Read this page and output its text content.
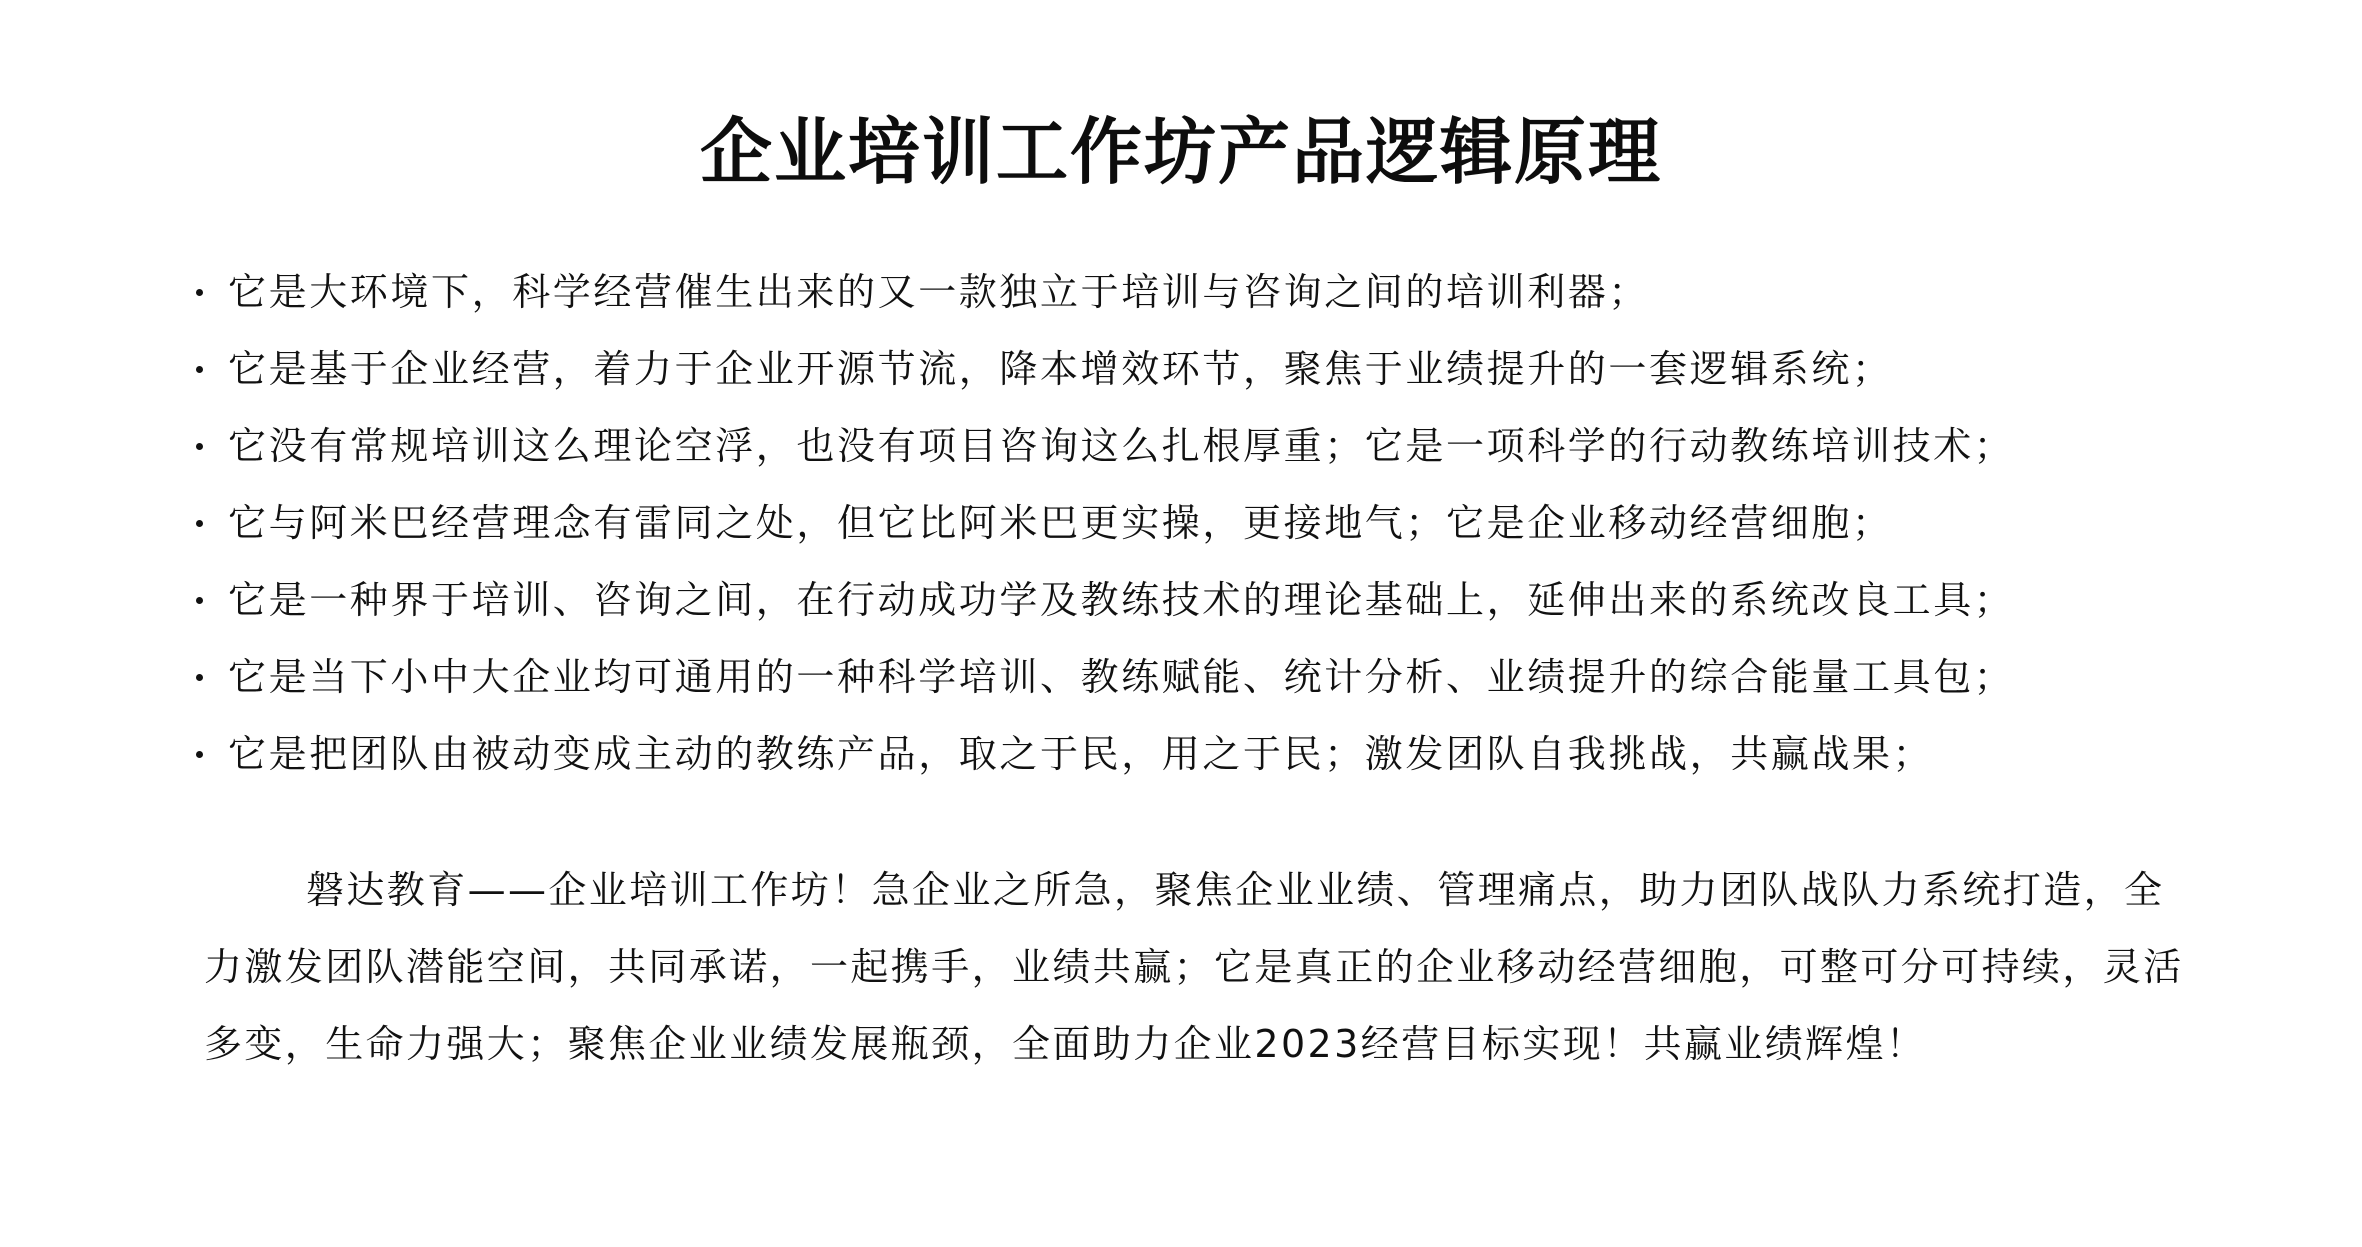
企业培训工作坊产品逻辑原理
它是大环境下，科学经营催生出来的又一款独立于培训与咨询之间的培训利器；
它是基于企业经营，着力于企业开源节流，降本增效环节，聚焦于业绩提升的一套逻辑系统；
它没有常规培训这么理论空浮，也没有项目咨询这么扎根厚重；它是一项科学的行动教练培训技术；
它与阿米巴经营理念有雷同之处，但它比阿米巴更实操，更接地气；它是企业移动经营细胞；
它是一种界于培训、咨询之间，在行动成功学及教练技术的理论基础上，延伸出来的系统改良工具；
它是当下小中大企业均可通用的一种科学培训、教练赋能、统计分析、业绩提升的综合能量工具包；
它是把团队由被动变成主动的教练产品，取之于民，用之于民；激发团队自我挑战，共赢战果；

磐达教育——企业培训工作坊！急企业之所急，聚焦企业业绩、管理痛点，助力团队战队力系统打造，全力激发团队潜能空间，共同承诺，一起携手，业绩共赢；它是真正的企业移动经营细胞，可整可分可持续，灵活多变，生命力强大；聚焦企业业绩发展瓶颈，全面助力企业2023经营目标实现！共赢业绩辉煌！
